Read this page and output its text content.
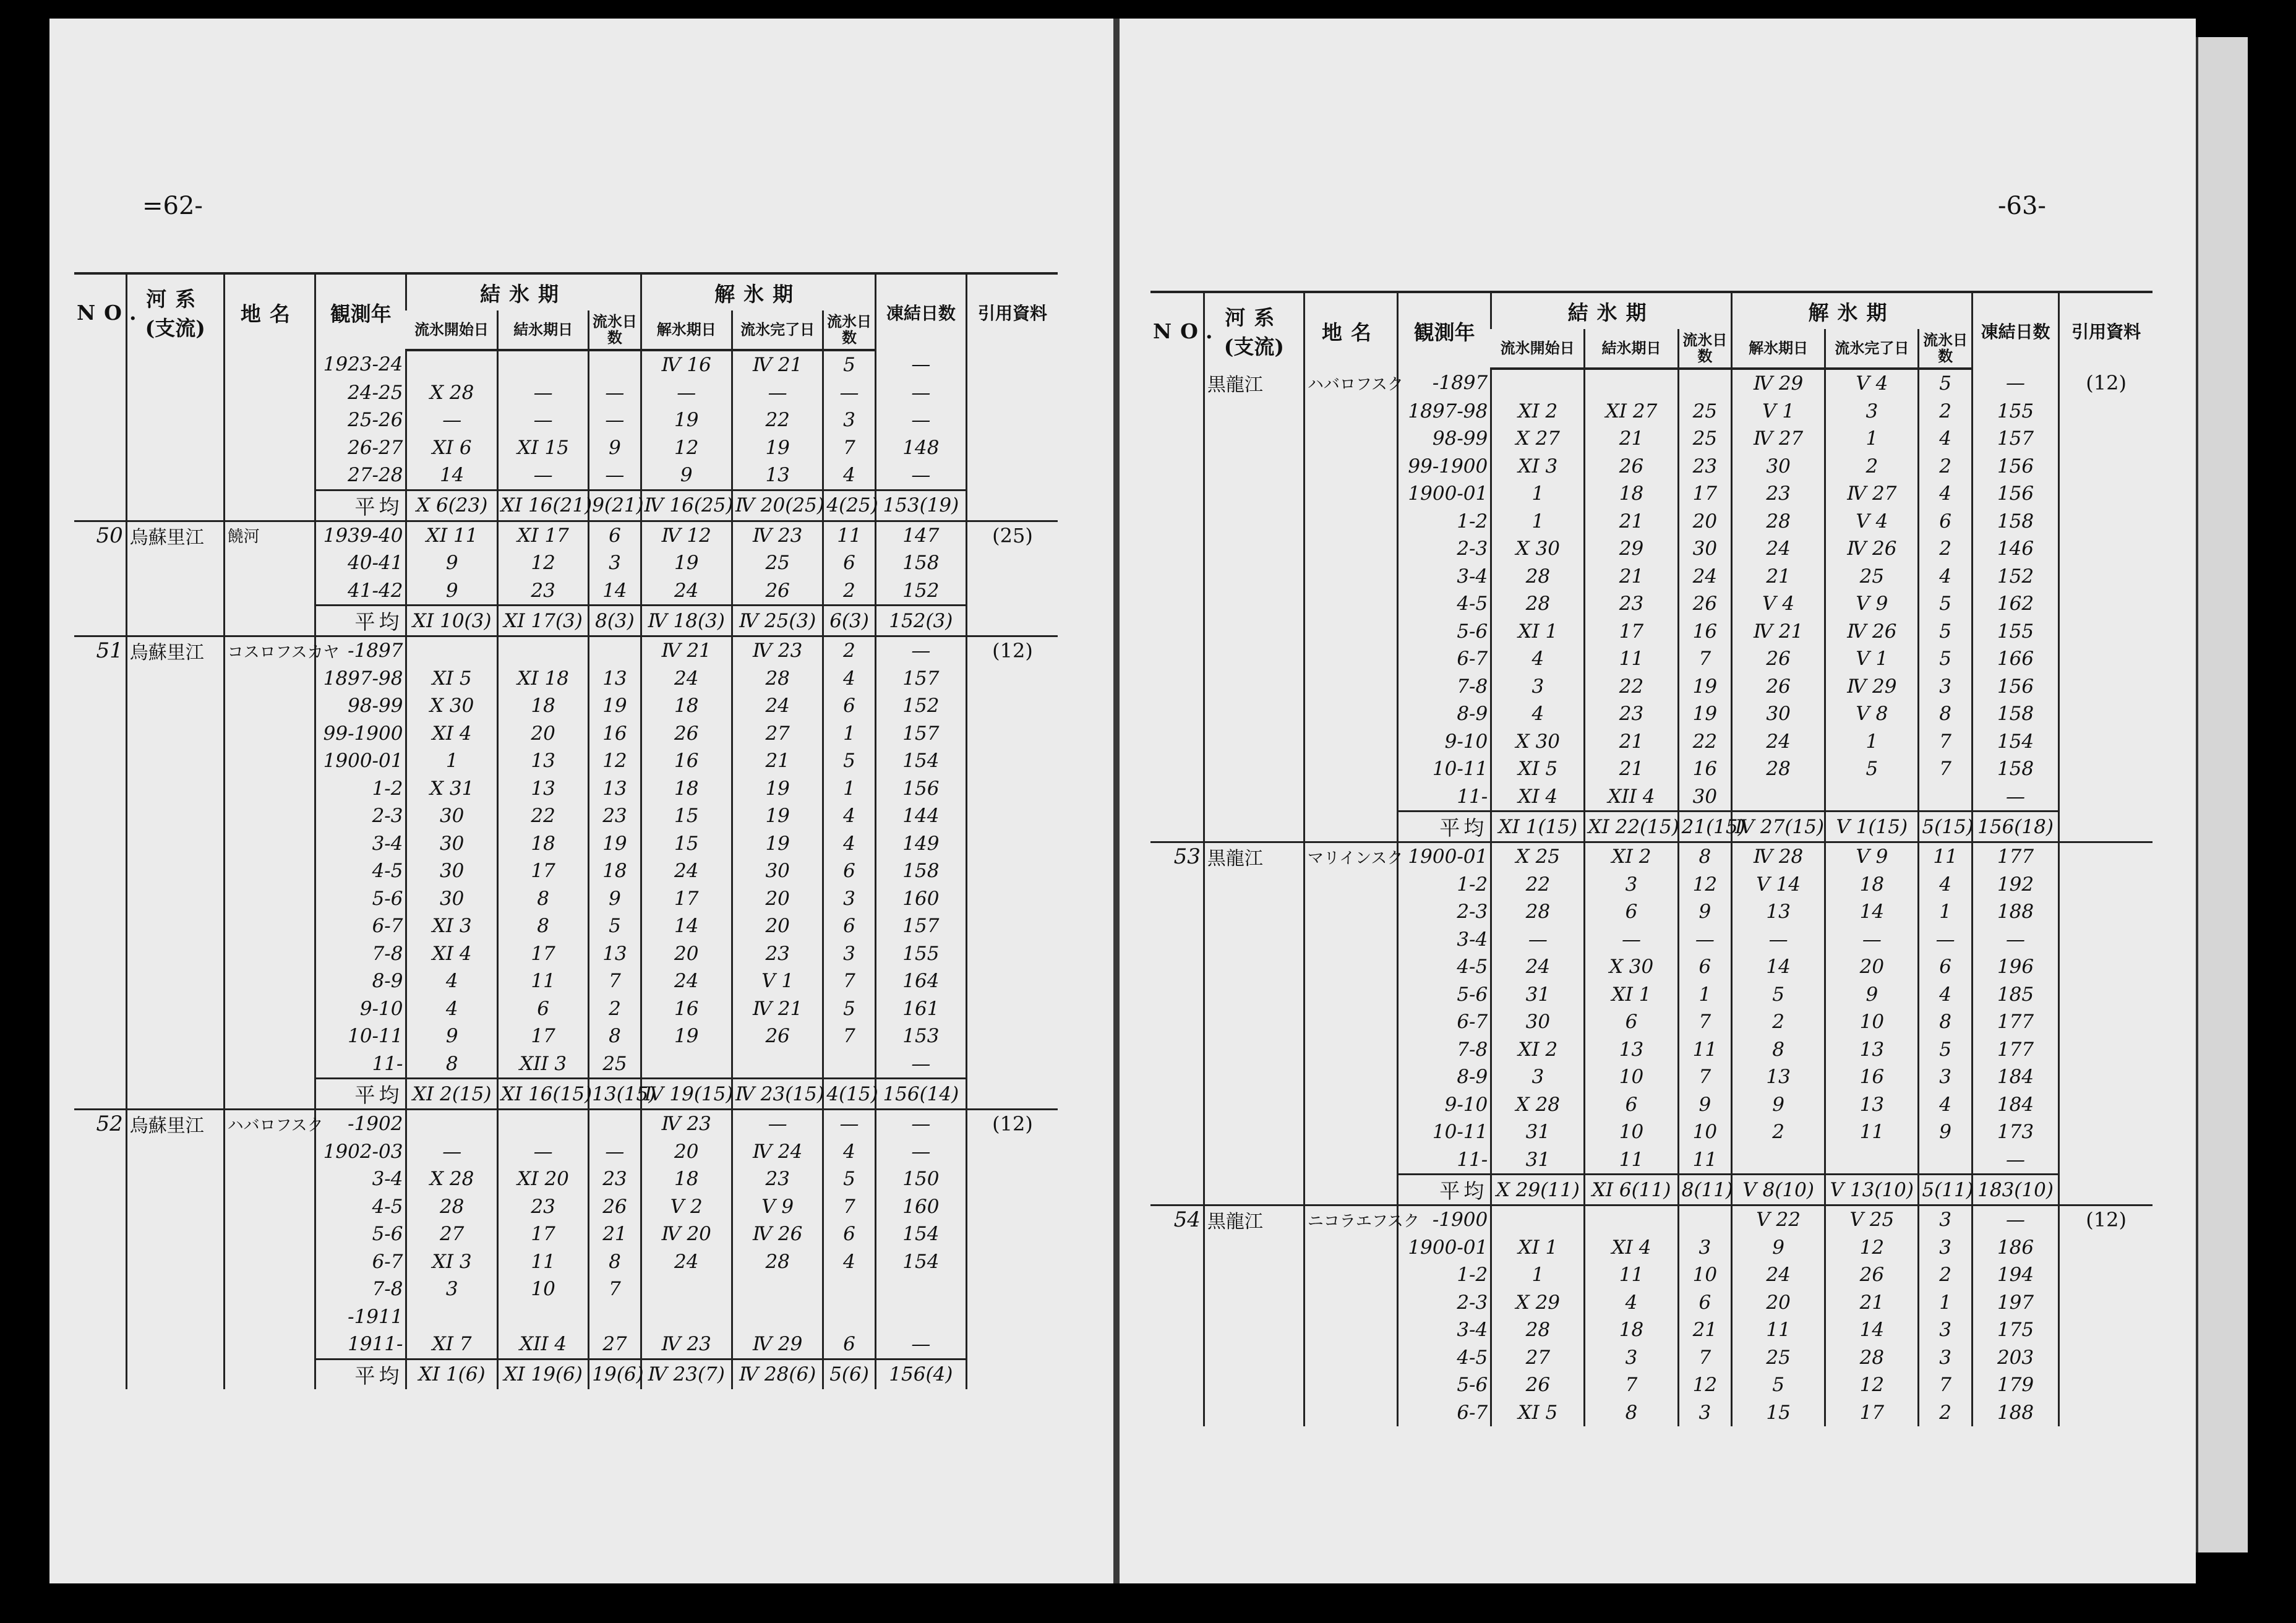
=62-	-63-
NO.	河系
(支流)	地名	観測年	結氷期			解氷期			凍結日数	引用資料
				流氷開始日	結氷期日	流氷日数	解氷期日	流氷完了日	流氷日数		
			1923-24				Ⅳ 16	Ⅳ 21	5	—	
			24-25	X 28	—	—	—	—	—	—	
			25-26	—	—	—	19	22	3	—	
			26-27	XI 6	XI 15	9	12	19	7	148	
			27-28	14	—	—	9	13	4	—	
			平均	X 6(23)	XI 16(21)	9(21)	Ⅳ 16(25)	Ⅳ 20(25)	4(25)	153(19)	
50	烏蘇里江	饒河	1939-40	XI 11	XI 17	6	Ⅳ 12	Ⅳ 23	11	147	(25)
			40-41	9	12	3	19	25	6	158	
			41-42	9	23	14	24	26	2	152	
			平均	XI 10(3)	XI 17(3)	8(3)	Ⅳ 18(3)	Ⅳ 25(3)	6(3)	152(3)	
51	烏蘇里江	コスロフスカヤ	-1897				Ⅳ 21	Ⅳ 23	2	—	(12)
			1897-98	XI 5	XI 18	13	24	28	4	157	
			98-99	X 30	18	19	18	24	6	152	
			99-1900	XI 4	20	16	26	27	1	157	
			1900-01	1	13	12	16	21	5	154	
			1-2	X 31	13	13	18	19	1	156	
			2-3	30	22	23	15	19	4	144	
			3-4	30	18	19	15	19	4	149	
			4-5	30	17	18	24	30	6	158	
			5-6	30	8	9	17	20	3	160	
			6-7	XI 3	8	5	14	20	6	157	
			7-8	XI 4	17	13	20	23	3	155	
			8-9	4	11	7	24	Ⅴ 1	7	164	
			9-10	4	6	2	16	Ⅳ 21	5	161	
			10-11	9	17	8	19	26	7	153	
			11-	8	XII 3	25				—	
			平均	XI 2(15)	XI 16(15)	13(15)	Ⅳ 19(15)	Ⅳ 23(15)	4(15)	156(14)	
52	烏蘇里江	ハバロフスク	-1902				Ⅳ 23	—	—	—	(12)
			1902-03	—	—	—	20	Ⅳ 24	4	—	
			3-4	X 28	XI 20	23	18	23	5	150	
			4-5	28	23	26	Ⅴ 2	Ⅴ 9	7	160	
			5-6	27	17	21	Ⅳ 20	Ⅳ 26	6	154	
			6-7	XI 3	11	8	24	28	4	154	
			7-8	3	10	7					
			-1911								
			1911-	XI 7	XII 4	27	Ⅳ 23	Ⅳ 29	6	—	
			平均	XI 1(6)	XI 19(6)	19(6)	Ⅳ 23(7)	Ⅳ 28(6)	5(6)	156(4)	
NO.	河系
(支流)	地名	観測年	結氷期			解氷期			凍結日数	引用資料
				流氷開始日	結氷期日	流氷日数	解氷期日	流氷完了日	流氷日数		
	黒龍江	ハバロフスク	-1897				Ⅳ 29	Ⅴ 4	5	—	(12)
			1897-98	XI 2	XI 27	25	Ⅴ 1	3	2	155	
			98-99	X 27	21	25	Ⅳ 27	1	4	157	
			99-1900	XI 3	26	23	30	2	2	156	
			1900-01	1	18	17	23	Ⅳ 27	4	156	
			1-2	1	21	20	28	Ⅴ 4	6	158	
			2-3	X 30	29	30	24	Ⅳ 26	2	146	
			3-4	28	21	24	21	25	4	152	
			4-5	28	23	26	Ⅴ 4	Ⅴ 9	5	162	
			5-6	XI 1	17	16	Ⅳ 21	Ⅳ 26	5	155	
			6-7	4	11	7	26	Ⅴ 1	5	166	
			7-8	3	22	19	26	Ⅳ 29	3	156	
			8-9	4	23	19	30	Ⅴ 8	8	158	
			9-10	X 30	21	22	24	1	7	154	
			10-11	XI 5	21	16	28	5	7	158	
			11-	XI 4	XII 4	30				—	
			平均	XI 1(15)	XI 22(15)	21(15)	Ⅳ 27(15)	Ⅴ 1(15)	5(15)	156(18)	
53	黒龍江	マリインスク	1900-01	X 25	XI 2	8	Ⅳ 28	Ⅴ 9	11	177	
			1-2	22	3	12	Ⅴ 14	18	4	192	
			2-3	28	6	9	13	14	1	188	
			3-4	—	—	—	—	—	—	—	
			4-5	24	X 30	6	14	20	6	196	
			5-6	31	XI 1	1	5	9	4	185	
			6-7	30	6	7	2	10	8	177	
			7-8	XI 2	13	11	8	13	5	177	
			8-9	3	10	7	13	16	3	184	
			9-10	X 28	6	9	9	13	4	184	
			10-11	31	10	10	2	11	9	173	
			11-	31	11	11				—	
			平均	X 29(11)	XI 6(11)	8(11)	Ⅴ 8(10)	Ⅴ 13(10)	5(11)	183(10)	
54	黒龍江	ニコラエフスク	-1900				Ⅴ 22	Ⅴ 25	3	—	(12)
			1900-01	XI 1	XI 4	3	9	12	3	186	
			1-2	1	11	10	24	26	2	194	
			2-3	X 29	4	6	20	21	1	197	
			3-4	28	18	21	11	14	3	175	
			4-5	27	3	7	25	28	3	203	
			5-6	26	7	12	5	12	7	179	
			6-7	XI 5	8	3	15	17	2	188	
